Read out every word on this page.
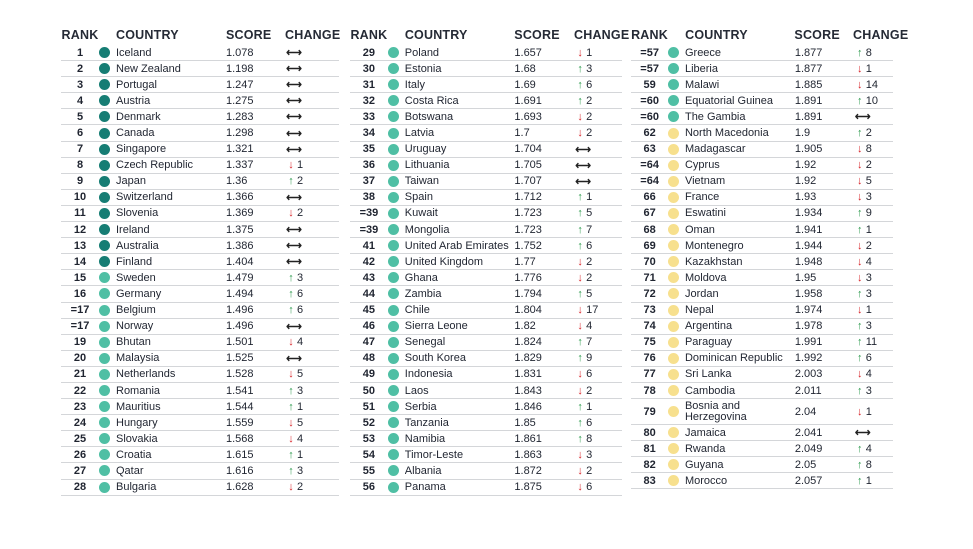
RANK	COUNTRY	SCORE	CHANGE
1	Iceland	1.078	⟷
2	New Zealand	1.198	⟷
3	Portugal	1.247	⟷
4	Austria	1.275	⟷
5	Denmark	1.283	⟷
6	Canada	1.298	⟷
7	Singapore	1.321	⟷
8	Czech Republic	1.337	↓ 1
9	Japan	1.36	↑ 2
10	Switzerland	1.366	⟷
11	Slovenia	1.369	↓ 2
12	Ireland	1.375	⟷
13	Australia	1.386	⟷
14	Finland	1.404	⟷
15	Sweden	1.479	↑ 3
16	Germany	1.494	↑ 6
=17	Belgium	1.496	↑ 6
=17	Norway	1.496	⟷
19	Bhutan	1.501	↓ 4
20	Malaysia	1.525	⟷
21	Netherlands	1.528	↓ 5
22	Romania	1.541	↑ 3
23	Mauritius	1.544	↑ 1
24	Hungary	1.559	↓ 5
25	Slovakia	1.568	↓ 4
26	Croatia	1.615	↑ 1
27	Qatar	1.616	↑ 3
28	Bulgaria	1.628	↓ 2
RANK	COUNTRY	SCORE	CHANGE
29	Poland	1.657	↓ 1
30	Estonia	1.68	↑ 3
31	Italy	1.69	↑ 6
32	Costa Rica	1.691	↑ 2
33	Botswana	1.693	↓ 2
34	Latvia	1.7	↓ 2
35	Uruguay	1.704	⟷
36	Lithuania	1.705	⟷
37	Taiwan	1.707	⟷
38	Spain	1.712	↑ 1
=39	Kuwait	1.723	↑ 5
=39	Mongolia	1.723	↑ 7
41	United Arab Emirates 1.752	↑ 6
42	United Kingdom	1.77	↓ 2
43	Ghana	1.776	↓ 2
44	Zambia	1.794	↑ 5
45	Chile	1.804	↓ 17
46	Sierra Leone	1.82	↓ 4
47	Senegal	1.824	↑ 7
48	South Korea	1.829	↑ 9
49	Indonesia	1.831	↓ 6
50	Laos	1.843	↓ 2
51	Serbia	1.846	↑ 1
52	Tanzania	1.85	↑ 6
53	Namibia	1.861	↑ 8
54	Timor-Leste	1.863	↓ 3
55	Albania	1.872	↓ 2
56	Panama	1.875	↓ 6
RANK	COUNTRY	SCORE	CHANGE
=57	Greece	1.877	↑ 8
=57	Liberia	1.877	↓ 1
59	Malawi	1.885	↓ 14
=60	Equatorial Guinea	1.891	↑ 10
=60	The Gambia	1.891	⟷
62	North Macedonia	1.9	↑ 2
63	Madagascar	1.905	↓ 8
=64	Cyprus	1.92	↓ 2
=64	Vietnam	1.92	↓ 5
66	France	1.93	↓ 3
67	Eswatini	1.934	↑ 9
68	Oman	1.941	↑ 1
69	Montenegro	1.944	↓ 2
70	Kazakhstan	1.948	↓ 4
71	Moldova	1.95	↓ 3
72	Jordan	1.958	↑ 3
73	Nepal	1.974	↓ 1
74	Argentina	1.978	↑ 3
75	Paraguay	1.991	↑ 11
76	Dominican Republic	1.992	↑ 6
77	Sri Lanka	2.003	↓ 4
78	Cambodia	2.011	↑ 3
79	Bosnia and Herzegovina	2.04	↓ 1
80	Jamaica	2.041	⟷
81	Rwanda	2.049	↑ 4
82	Guyana	2.05	↑ 8
83	Morocco	2.057	↑ 1
